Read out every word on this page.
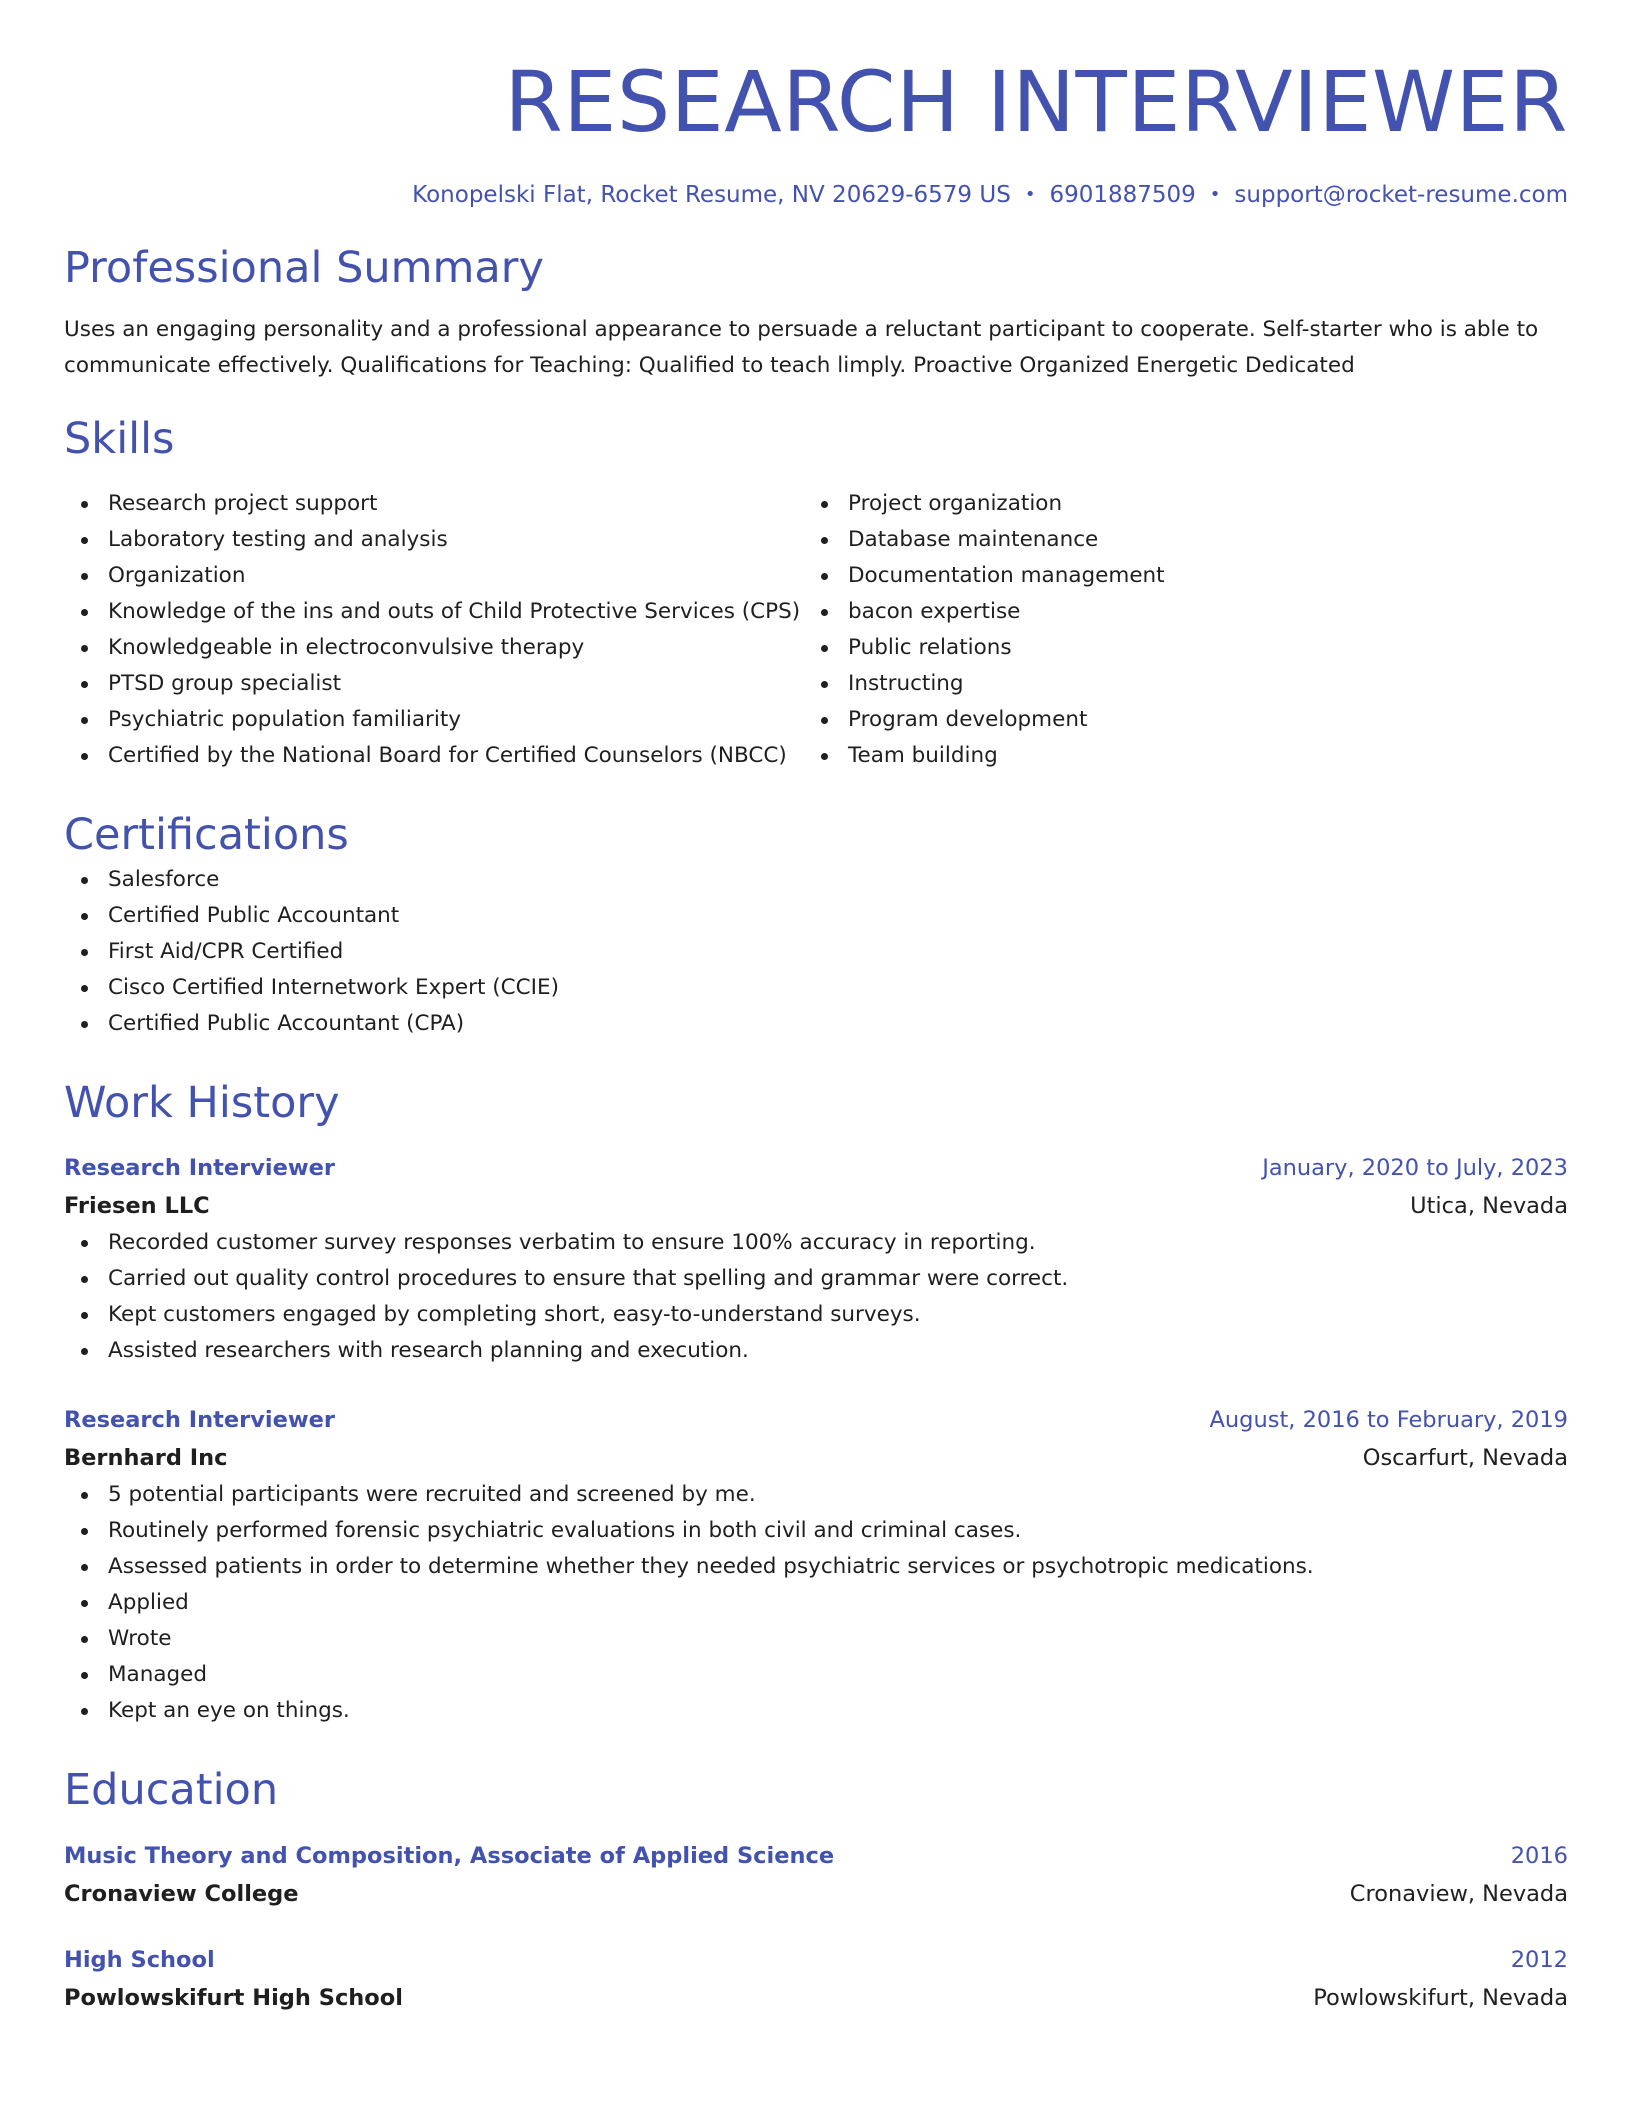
RESEARCH INTERVIEWER
Konopelski Flat, Rocket Resume, NV 20629-6579 US • 6901887509 • support@rocket-resume.com
Professional Summary

Uses an engaging personality and a professional appearance to persuade a reluctant participant to cooperate. Self-starter who is able to communicate effectively. Qualifications for Teaching: Qualified to teach limply. Proactive Organized Energetic Dedicated

Skills
Research project support
Laboratory testing and analysis
Organization
Knowledge of the ins and outs of Child Protective Services (CPS)
Knowledgeable in electroconvulsive therapy
PTSD group specialist
Psychiatric population familiarity
Certified by the National Board for Certified Counselors (NBCC)
Project organization
Database maintenance
Documentation management
bacon expertise
Public relations
Instructing
Program development
Team building
Certifications
Salesforce
Certified Public Accountant
First Aid/CPR Certified
Cisco Certified Internetwork Expert (CCIE)
Certified Public Accountant (CPA)
Work History
Research Interviewer	January, 2020 to July, 2023
Friesen LLC	Utica, Nevada
Recorded customer survey responses verbatim to ensure 100% accuracy in reporting.
Carried out quality control procedures to ensure that spelling and grammar were correct.
Kept customers engaged by completing short, easy-to-understand surveys.
Assisted researchers with research planning and execution.
Research Interviewer	August, 2016 to February, 2019
Bernhard Inc	Oscarfurt, Nevada
5 potential participants were recruited and screened by me.
Routinely performed forensic psychiatric evaluations in both civil and criminal cases.
Assessed patients in order to determine whether they needed psychiatric services or psychotropic medications.
Applied
Wrote
Managed
Kept an eye on things.
Education
Music Theory and Composition, Associate of Applied Science	2016
Cronaview College	Cronaview, Nevada
High School	2012
Powlowskifurt High School	Powlowskifurt, Nevada
